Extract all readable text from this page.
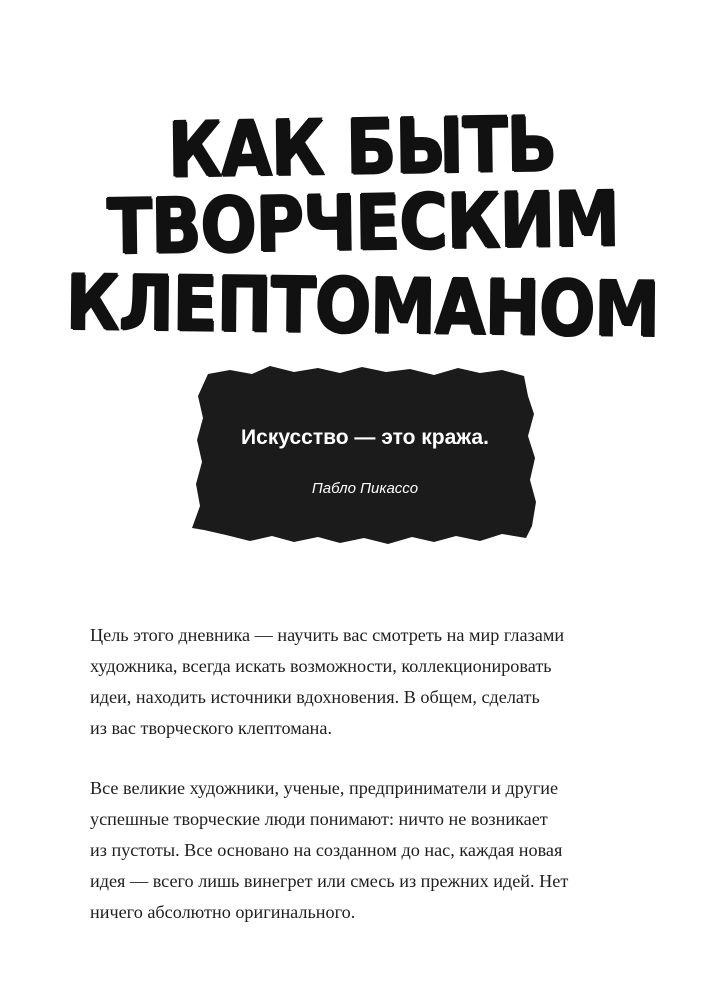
КАК БЫТЬ ТВОРЧЕСКИМ
КЛЕПТОМАНОМ

Искусство — это кража.

Пабло Пикассо

Цель этого дневника — научить вас смотреть на мир глазами
художника, всегда искать возможности, коллекционировать
идеи, находить источники вдохновения. В общем, сделать
из вас творческого клептомана.

Все великие художники, ученые, предприниматели и другие
успешные творческие люди понимают: ничто не возникает
из пустоты. Все основано на созданном до нас, каждая новая
идея — всего лишь винегрет или смесь из прежних идей. Нет
ничего абсолютно оригинального.
